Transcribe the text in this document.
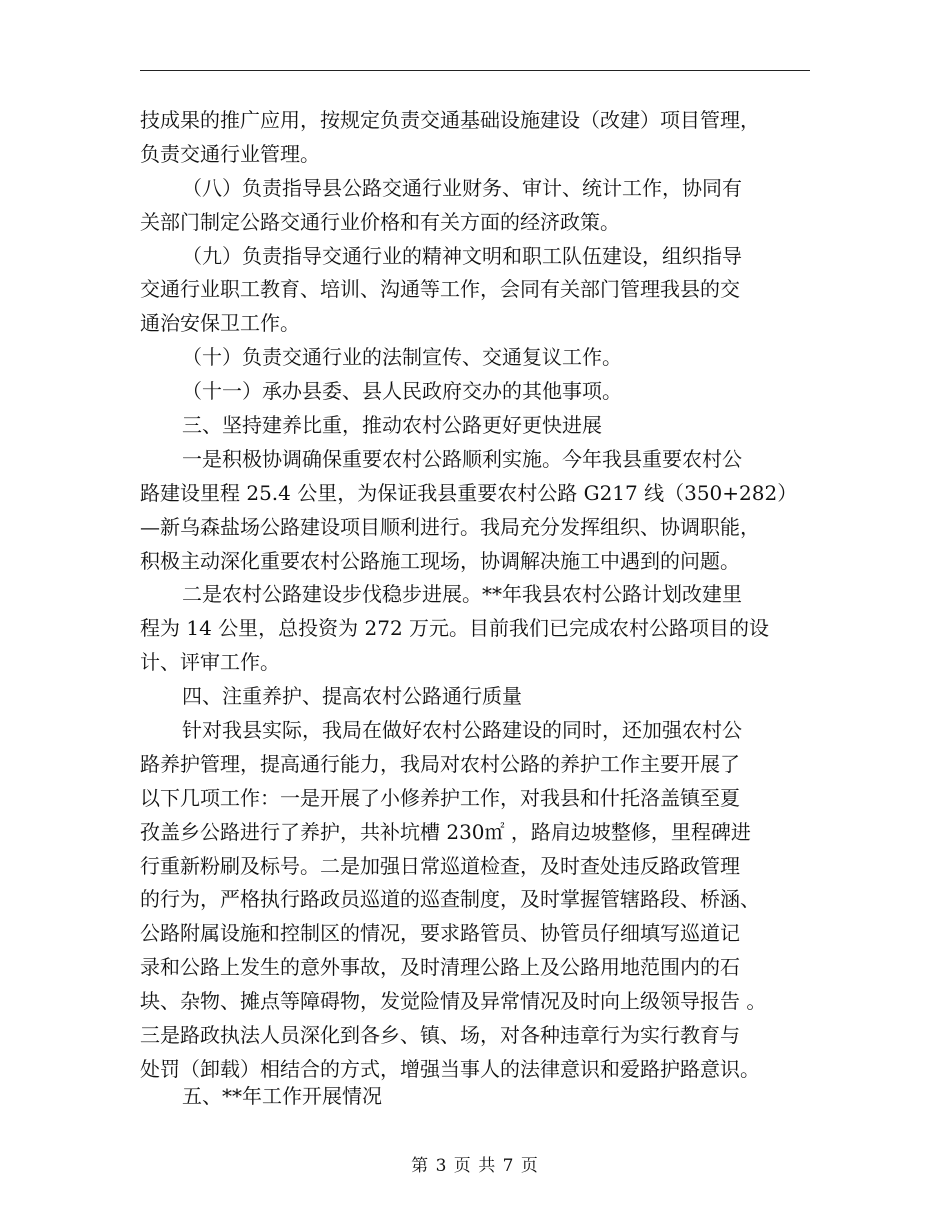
技成果的推广应用，按规定负责交通基础设施建设（改建）项目管理，
负责交通行业管理。
（八）负责指导县公路交通行业财务、审计、统计工作，协同有
关部门制定公路交通行业价格和有关方面的经济政策。
（九）负责指导交通行业的精神文明和职工队伍建设，组织指导
交通行业职工教育、培训、沟通等工作，会同有关部门管理我县的交
通治安保卫工作。
（十）负责交通行业的法制宣传、交通复议工作。
（十一）承办县委、县人民政府交办的其他事项。
三、坚持建养比重，推动农村公路更好更快进展
一是积极协调确保重要农村公路顺利实施。今年我县重要农村公
路建设里程 25.4 公里，为保证我县重要农村公路 G217 线（350+282）
—新乌森盐场公路建设项目顺利进行。我局充分发挥组织、协调职能，
积极主动深化重要农村公路施工现场，协调解决施工中遇到的问题。
二是农村公路建设步伐稳步进展。**年我县农村公路计划改建里
程为 14 公里，总投资为 272 万元。目前我们已完成农村公路项目的设
计、评审工作。
四、注重养护、提高农村公路通行质量
针对我县实际，我局在做好农村公路建设的同时，还加强农村公
路养护管理，提高通行能力，我局对农村公路的养护工作主要开展了
以下几项工作：一是开展了小修养护工作，对我县和什托洛盖镇至夏
孜盖乡公路进行了养护，共补坑槽 230㎡ ，路肩边坡整修，里程碑进
行重新粉刷及标号。二是加强日常巡道检查，及时查处违反路政管理
的行为，严格执行路政员巡道的巡查制度，及时掌握管辖路段、桥涵、
公路附属设施和控制区的情况，要求路管员、协管员仔细填写巡道记
录和公路上发生的意外事故，及时清理公路上及公路用地范围内的石
块、杂物、摊点等障碍物，发觉险情及异常情况及时向上级领导报告 。
三是路政执法人员深化到各乡、镇、场，对各种违章行为实行教育与
处罚（卸载）相结合的方式，增强当事人的法律意识和爱路护路意识。
五、**年工作开展情况
第 3 页 共 7 页
